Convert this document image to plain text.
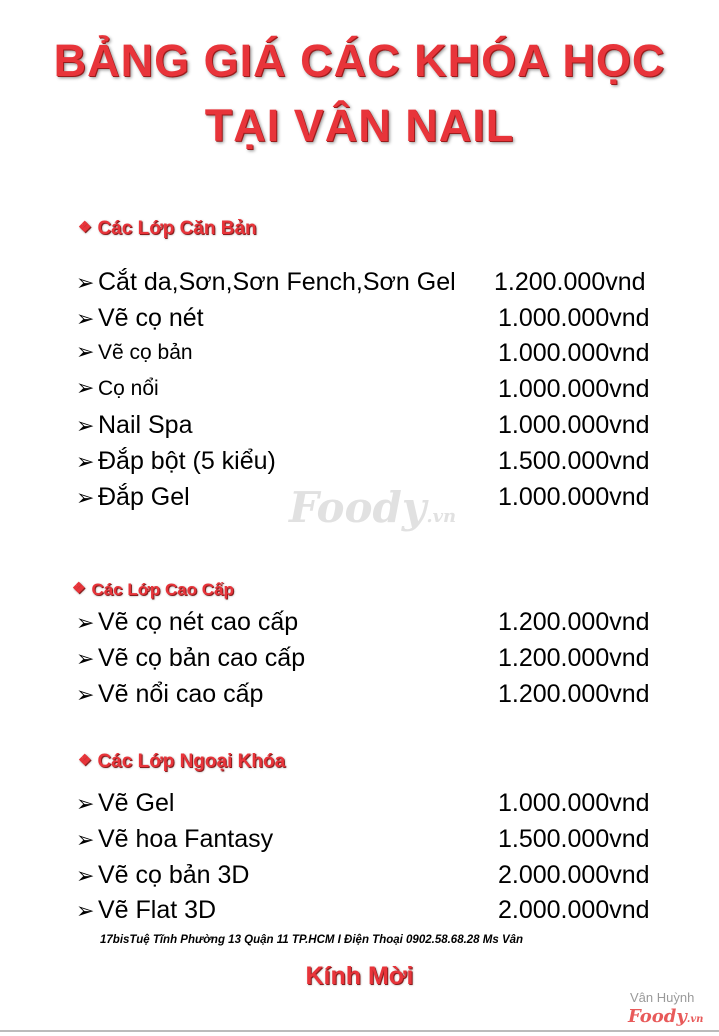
BẢNG GIÁ CÁC KHÓA HỌC
TẠI VÂN NAIL
❖ Các Lớp Căn Bản
➢ Cắt da,Sơn,Sơn Fench,Sơn Gel 1.200.000vnd
➢ Vẽ cọ nét	1.000.000vnd
➢ Vẽ cọ bản	1.000.000vnd
➢ Cọ nổi	1.000.000vnd
➢ Nail Spa	1.000.000vnd
➢ Đắp bột (5 kiểu)	1.500.000vnd
➢ Đắp Gel	1.000.000vnd
❖ Các Lớp Cao Cấp
➢ Vẽ cọ nét cao cấp	1.200.000vnd
➢ Vẽ cọ bản cao cấp	1.200.000vnd
➢ Vẽ nổi cao cấp	1.200.000vnd
❖ Các Lớp Ngoại Khóa
➢ Vẽ Gel	1.000.000vnd
➢ Vẽ hoa Fantasy	1.500.000vnd
➢ Vẽ cọ bản 3D	2.000.000vnd
➢ Vẽ Flat 3D	2.000.000vnd
17bisTuệ Tĩnh Phường 13 Quận 11 TP.HCM I Điện Thoại 0902.58.68.28 Ms Vân
Kính Mời
Foody.vn
Vân Huỳnh
Foody.vn
